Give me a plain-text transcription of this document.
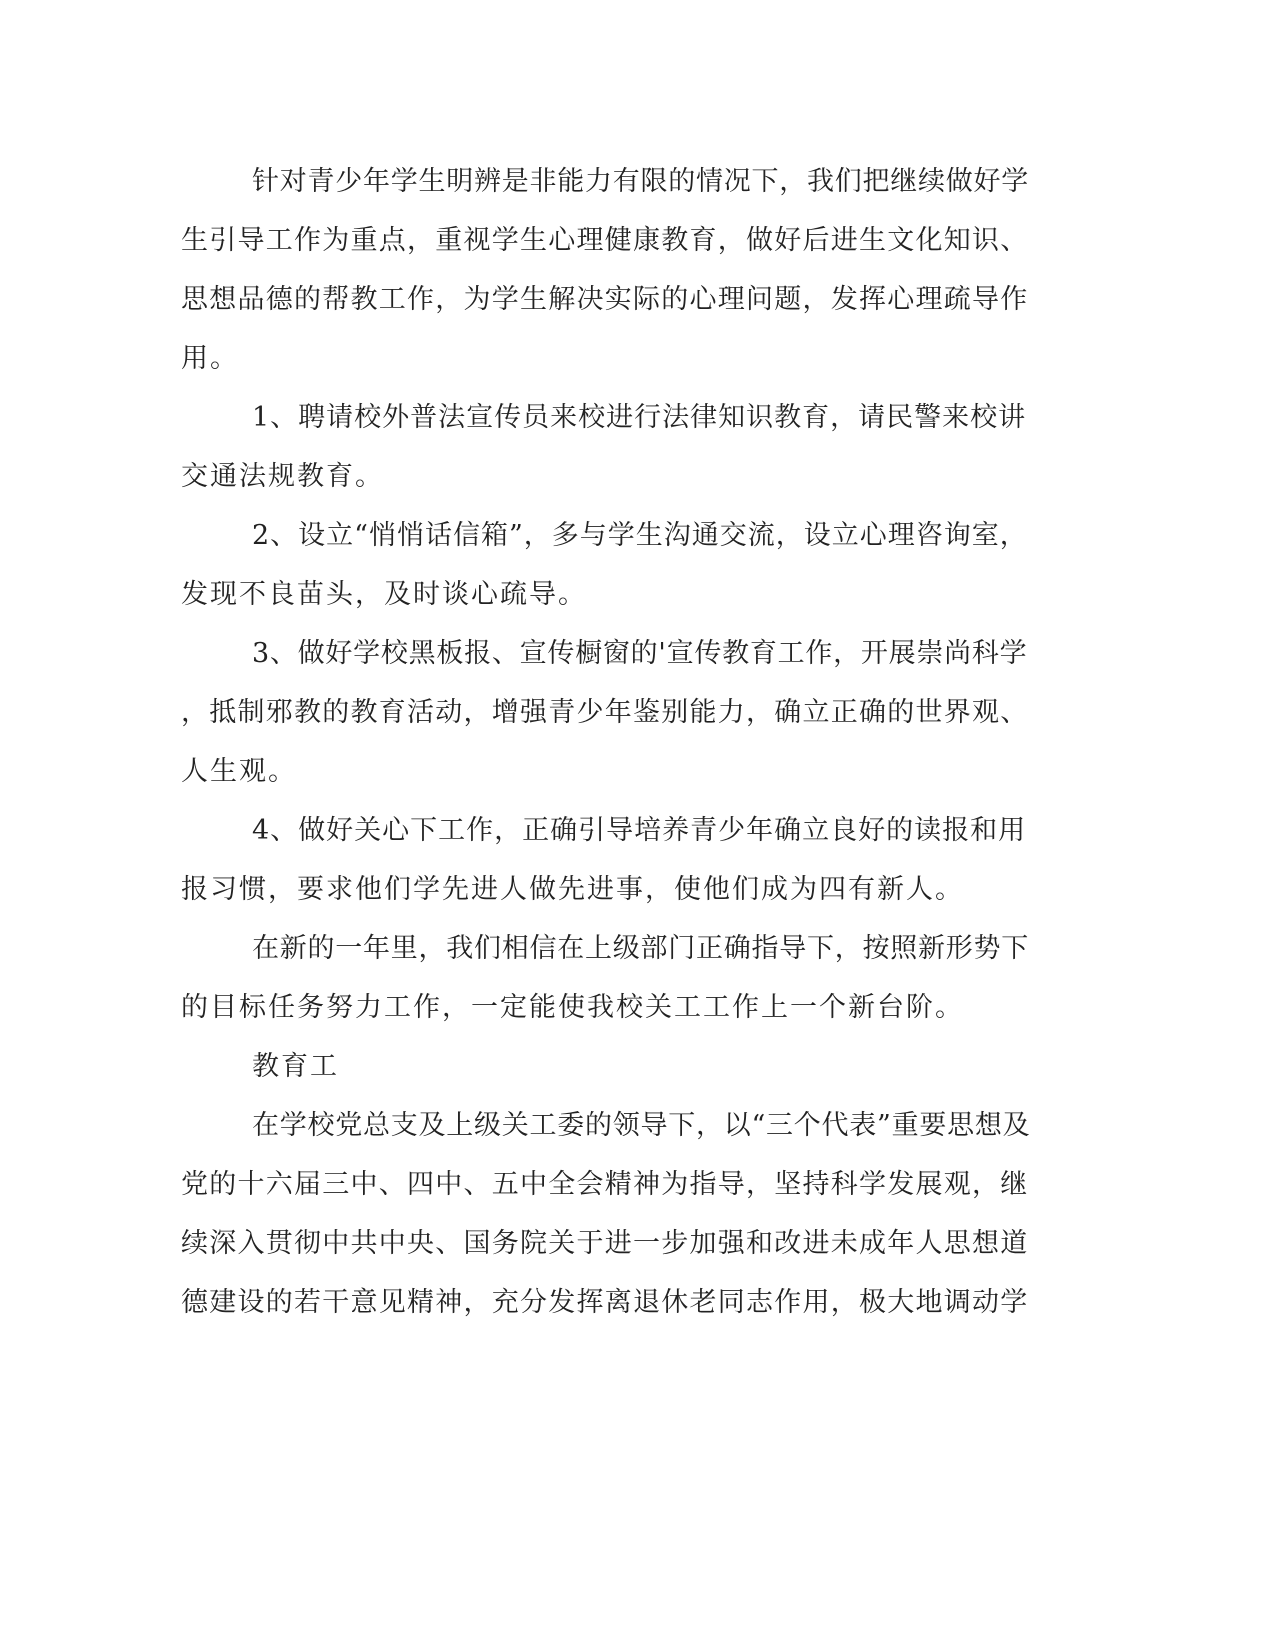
针对青少年学生明辨是非能力有限的情况下，我们把继续做好学

生引导工作为重点，重视学生心理健康教育，做好后进生文化知识、

思想品德的帮教工作，为学生解决实际的心理问题，发挥心理疏导作

用。

1、聘请校外普法宣传员来校进行法律知识教育，请民警来校讲

交通法规教育。

2、设立“悄悄话信箱”，多与学生沟通交流，设立心理咨询室，

发现不良苗头，及时谈心疏导。

3、做好学校黑板报、宣传橱窗的'宣传教育工作，开展崇尚科学

，抵制邪教的教育活动，增强青少年鉴别能力，确立正确的世界观、

人生观。

4、做好关心下工作，正确引导培养青少年确立良好的读报和用

报习惯，要求他们学先进人做先进事，使他们成为四有新人。

在新的一年里，我们相信在上级部门正确指导下，按照新形势下

的目标任务努力工作，一定能使我校关工工作上一个新台阶。

教育工

在学校党总支及上级关工委的领导下，以“三个代表”重要思想及

党的十六届三中、四中、五中全会精神为指导，坚持科学发展观，继

续深入贯彻中共中央、国务院关于进一步加强和改进未成年人思想道

德建设的若干意见精神，充分发挥离退休老同志作用，极大地调动学
